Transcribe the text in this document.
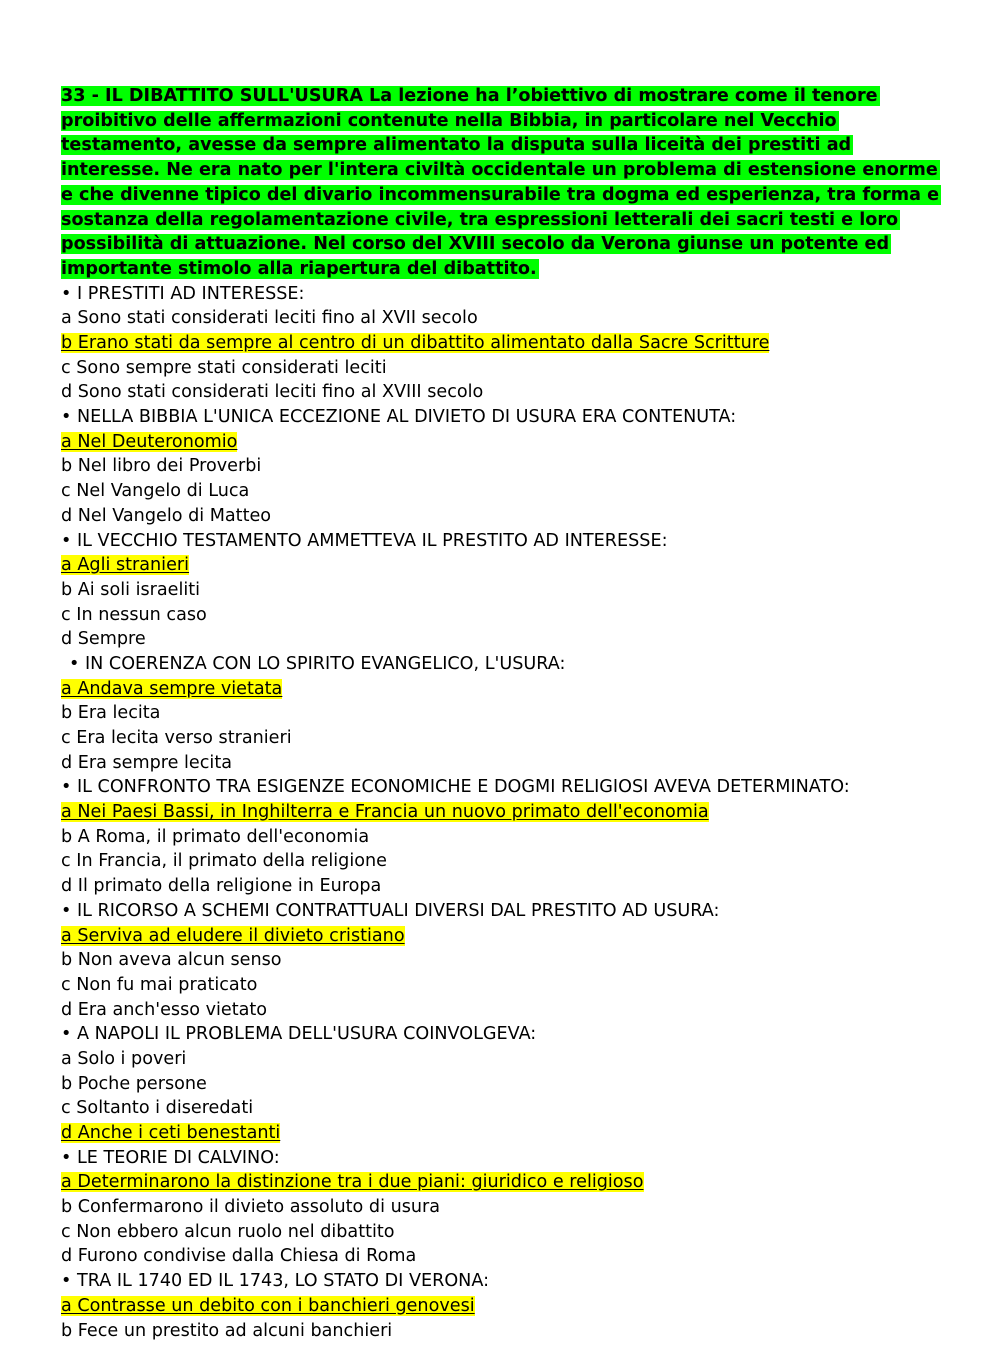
33 - IL DIBATTITO SULL'USURA La lezione ha l’obiettivo di mostrare come il tenore proibitivo delle affermazioni contenute nella Bibbia, in particolare nel Vecchio testamento, avesse da sempre alimentato la disputa sulla liceità dei prestiti ad interesse. Ne era nato per l'intera civiltà occidentale un problema di estensione enorme e che divenne tipico del divario incommensurabile tra dogma ed esperienza, tra forma e sostanza della regolamentazione civile, tra espressioni letterali dei sacri testi e loro possibilità di attuazione. Nel corso del XVIII secolo da Verona giunse un potente ed importante stimolo alla riapertura del dibattito.

• I PRESTITI AD INTERESSE:
a Sono stati considerati leciti fino al XVII secolo
b Erano stati da sempre al centro di un dibattito alimentato dalla Sacre Scritture
c Sono sempre stati considerati leciti
d Sono stati considerati leciti fino al XVIII secolo
• NELLA BIBBIA L'UNICA ECCEZIONE AL DIVIETO DI USURA ERA CONTENUTA:
a Nel Deuteronomio
b Nel libro dei Proverbi
c Nel Vangelo di Luca
d Nel Vangelo di Matteo
• IL VECCHIO TESTAMENTO AMMETTEVA IL PRESTITO AD INTERESSE:
a Agli stranieri
b Ai soli israeliti
c In nessun caso
d Sempre
• IN COERENZA CON LO SPIRITO EVANGELICO, L'USURA:
a Andava sempre vietata
b Era lecita
c Era lecita verso stranieri
d Era sempre lecita
• IL CONFRONTO TRA ESIGENZE ECONOMICHE E DOGMI RELIGIOSI AVEVA DETERMINATO:
a Nei Paesi Bassi, in Inghilterra e Francia un nuovo primato dell'economia
b A Roma, il primato dell'economia
c In Francia, il primato della religione
d Il primato della religione in Europa
• IL RICORSO A SCHEMI CONTRATTUALI DIVERSI DAL PRESTITO AD USURA:
a Serviva ad eludere il divieto cristiano
b Non aveva alcun senso
c Non fu mai praticato
d Era anch'esso vietato
• A NAPOLI IL PROBLEMA DELL'USURA COINVOLGEVA:
a Solo i poveri
b Poche persone
c Soltanto i diseredati
d Anche i ceti benestanti
• LE TEORIE DI CALVINO:
a Determinarono la distinzione tra i due piani: giuridico e religioso
b Confermarono il divieto assoluto di usura
c Non ebbero alcun ruolo nel dibattito
d Furono condivise dalla Chiesa di Roma
• TRA IL 1740 ED IL 1743, LO STATO DI VERONA:
a Contrasse un debito con i banchieri genovesi
b Fece un prestito ad alcuni banchieri
